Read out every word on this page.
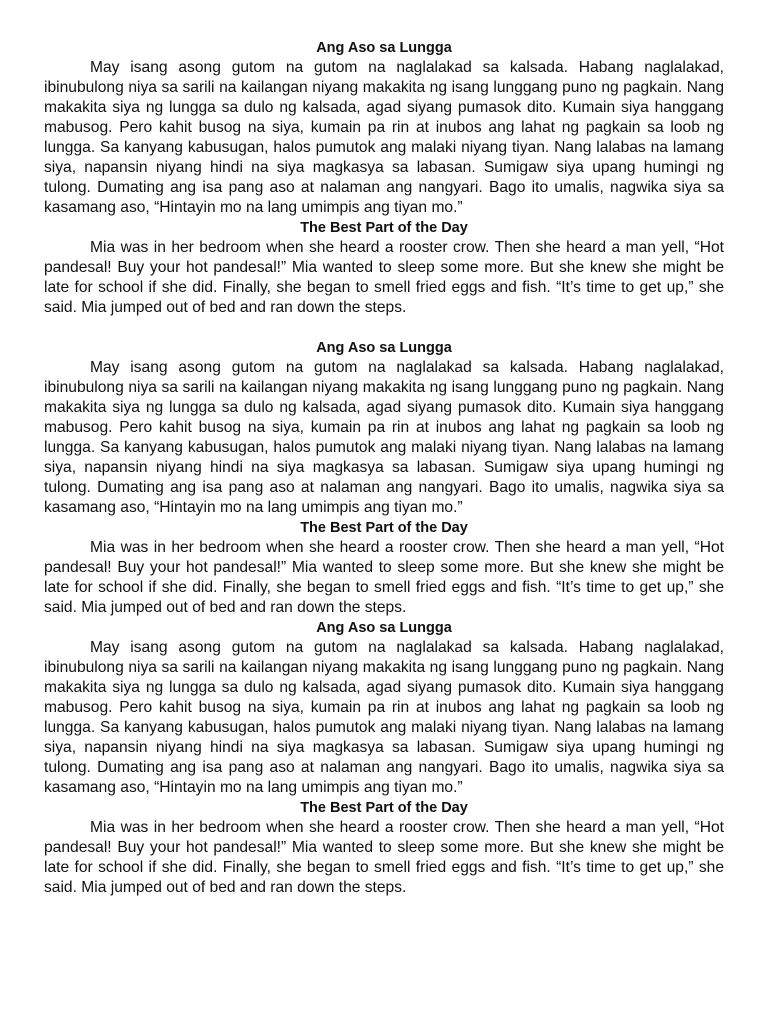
Ang Aso sa Lungga

May isang asong gutom na gutom na naglalakad sa kalsada. Habang naglalakad, ibinubulong niya sa sarili na kailangan niyang makakita ng isang lunggang puno ng pagkain. Nang makakita siya ng lungga sa dulo ng kalsada, agad siyang pumasok dito. Kumain siya hanggang mabusog. Pero kahit busog na siya, kumain pa rin at inubos ang lahat ng pagkain sa loob ng lungga. Sa kanyang kabusugan, halos pumutok ang malaki niyang tiyan. Nang lalabas na lamang siya, napansin niyang hindi na siya magkasya sa labasan. Sumigaw siya upang humingi ng tulong. Dumating ang isa pang aso at nalaman ang nangyari. Bago ito umalis, nagwika siya sa kasamang aso, “Hintayin mo na lang umimpis ang tiyan mo.”

The Best Part of the Day

Mia was in her bedroom when she heard a rooster crow. Then she heard a man yell, “Hot pandesal! Buy your hot pandesal!” Mia wanted to sleep some more. But she knew she might be late for school if she did. Finally, she began to smell fried eggs and fish. “It’s time to get up,” she said. Mia jumped out of bed and ran down the steps.

Ang Aso sa Lungga

May isang asong gutom na gutom na naglalakad sa kalsada. Habang naglalakad, ibinubulong niya sa sarili na kailangan niyang makakita ng isang lunggang puno ng pagkain. Nang makakita siya ng lungga sa dulo ng kalsada, agad siyang pumasok dito. Kumain siya hanggang mabusog. Pero kahit busog na siya, kumain pa rin at inubos ang lahat ng pagkain sa loob ng lungga. Sa kanyang kabusugan, halos pumutok ang malaki niyang tiyan. Nang lalabas na lamang siya, napansin niyang hindi na siya magkasya sa labasan. Sumigaw siya upang humingi ng tulong. Dumating ang isa pang aso at nalaman ang nangyari. Bago ito umalis, nagwika siya sa kasamang aso, “Hintayin mo na lang umimpis ang tiyan mo.”

The Best Part of the Day

Mia was in her bedroom when she heard a rooster crow. Then she heard a man yell, “Hot pandesal! Buy your hot pandesal!” Mia wanted to sleep some more. But she knew she might be late for school if she did. Finally, she began to smell fried eggs and fish. “It’s time to get up,” she said. Mia jumped out of bed and ran down the steps.

Ang Aso sa Lungga

May isang asong gutom na gutom na naglalakad sa kalsada. Habang naglalakad, ibinubulong niya sa sarili na kailangan niyang makakita ng isang lunggang puno ng pagkain. Nang makakita siya ng lungga sa dulo ng kalsada, agad siyang pumasok dito. Kumain siya hanggang mabusog. Pero kahit busog na siya, kumain pa rin at inubos ang lahat ng pagkain sa loob ng lungga. Sa kanyang kabusugan, halos pumutok ang malaki niyang tiyan. Nang lalabas na lamang siya, napansin niyang hindi na siya magkasya sa labasan. Sumigaw siya upang humingi ng tulong. Dumating ang isa pang aso at nalaman ang nangyari. Bago ito umalis, nagwika siya sa kasamang aso, “Hintayin mo na lang umimpis ang tiyan mo.”

The Best Part of the Day

Mia was in her bedroom when she heard a rooster crow. Then she heard a man yell, “Hot pandesal! Buy your hot pandesal!” Mia wanted to sleep some more. But she knew she might be late for school if she did. Finally, she began to smell fried eggs and fish. “It’s time to get up,” she said. Mia jumped out of bed and ran down the steps.
